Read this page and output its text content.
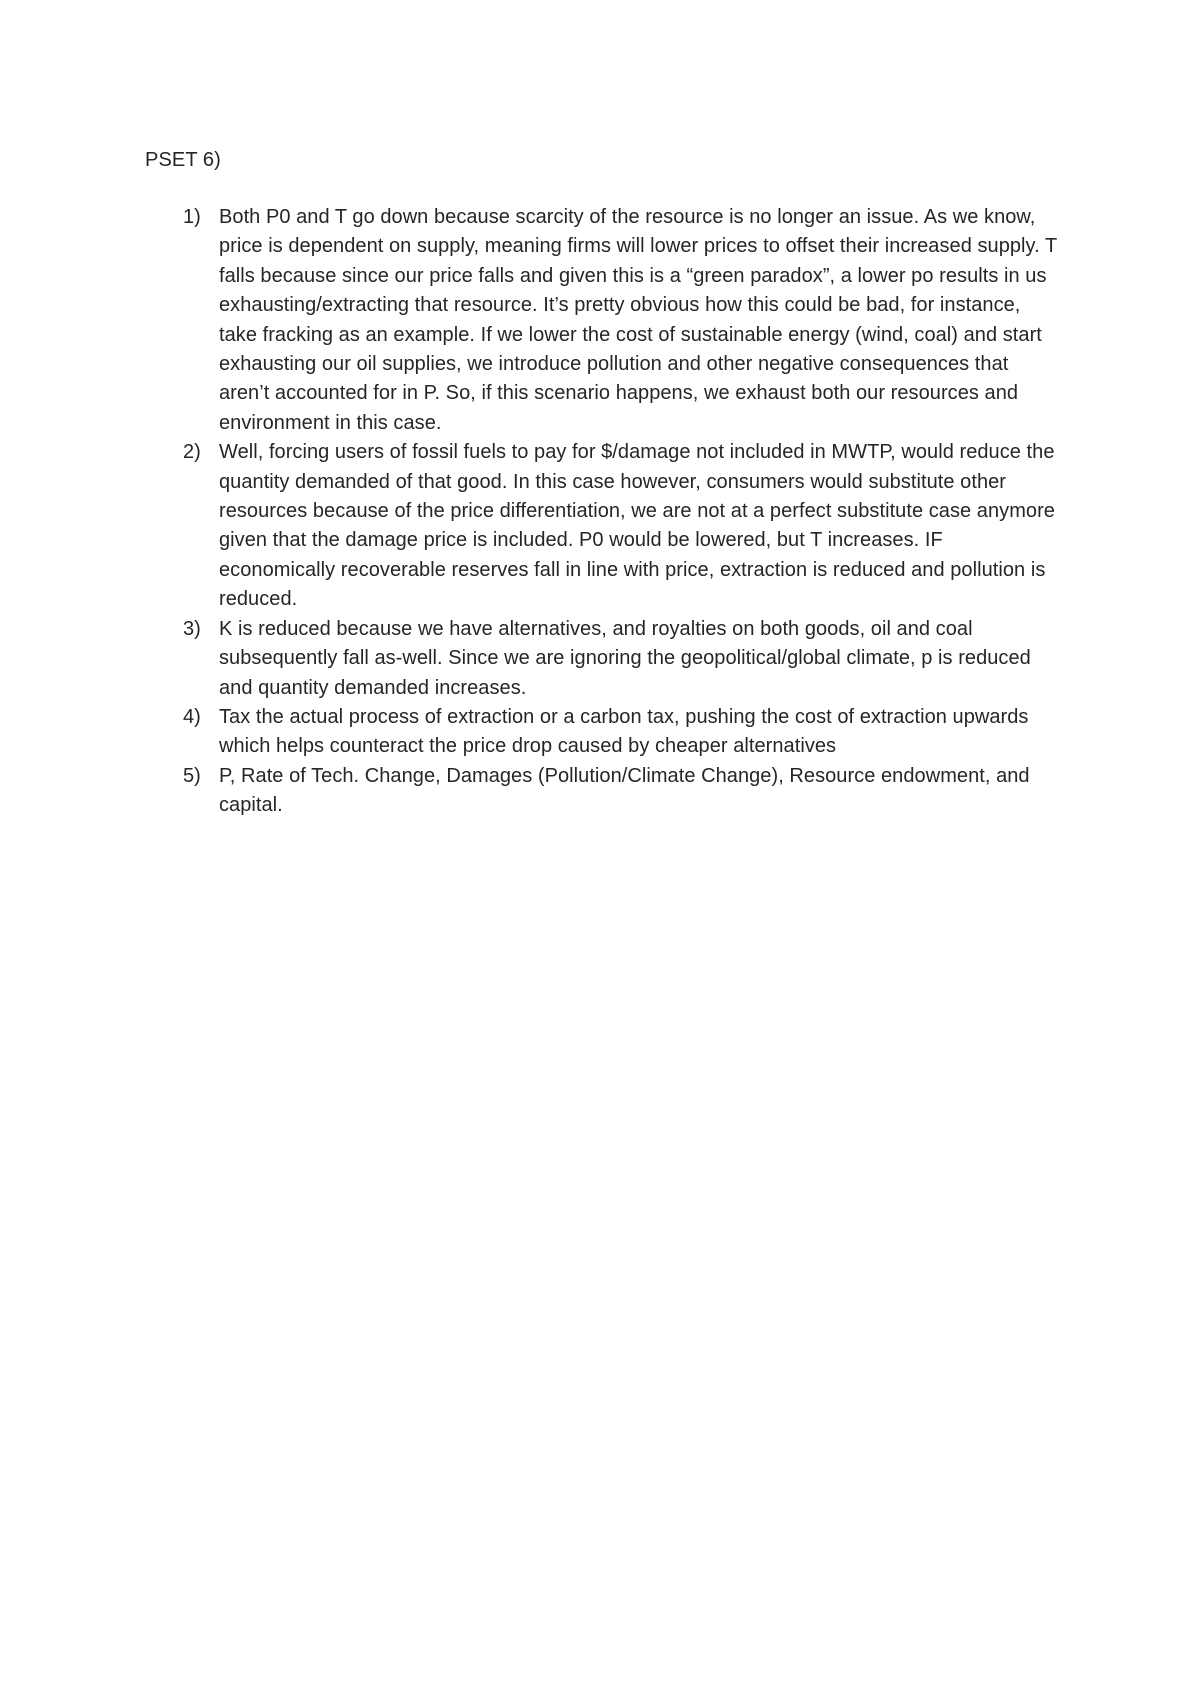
PSET 6)
1) Both P0 and T go down because scarcity of the resource is no longer an issue. As we know, price is dependent on supply, meaning firms will lower prices to offset their increased supply. T falls because since our price falls and given this is a “green paradox”, a lower po results in us exhausting/extracting that resource. It’s pretty obvious how this could be bad, for instance, take fracking as an example. If we lower the cost of sustainable energy (wind, coal) and start exhausting our oil supplies, we introduce pollution and other negative consequences that aren’t accounted for in P. So, if this scenario happens, we exhaust both our resources and environment in this case.
2) Well, forcing users of fossil fuels to pay for $/damage not included in MWTP, would reduce the quantity demanded of that good. In this case however, consumers would substitute other resources because of the price differentiation, we are not at a perfect substitute case anymore given that the damage price is included. P0 would be lowered, but T increases. IF economically recoverable reserves fall in line with price, extraction is reduced and pollution is reduced.
3) K is reduced because we have alternatives, and royalties on both goods, oil and coal subsequently fall as-well. Since we are ignoring the geopolitical/global climate, p is reduced and quantity demanded increases.
4) Tax the actual process of extraction or a carbon tax, pushing the cost of extraction upwards which helps counteract the price drop caused by cheaper alternatives
5) P, Rate of Tech. Change, Damages (Pollution/Climate Change), Resource endowment, and capital.
